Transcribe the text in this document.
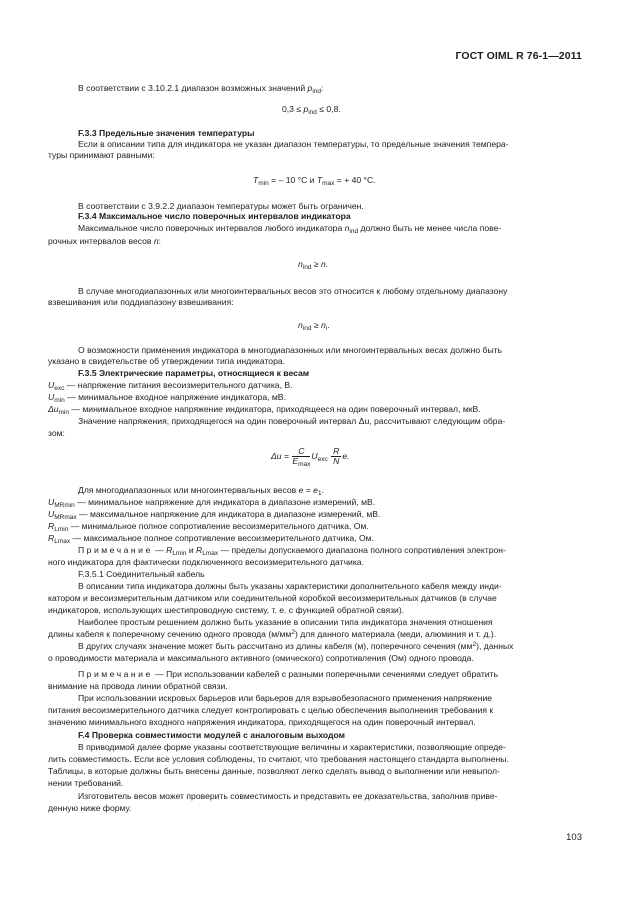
ГОСТ OIML R 76-1—2011
В соответствии с 3.10.2.1 диапазон возможных значений $p_{ind}$:
$0,3 \le p_{ind} \le 0,8$.
F.3.3 Предельные значения температуры
Если в описании типа для индикатора не указан диапазон температуры, то предельные значения темпера-
туры принимают равными:
$T_{min}$ = – 10 °C и $T_{max}$ = + 40 °C.
В соответствии с 3.9.2.2 диапазон температуры может быть ограничен.
F.3.4 Максимальное число поверочных интервалов индикатора
Максимальное число поверочных интервалов любого индикатора $n_{ind}$ должно быть не менее числа пове-
рочных интервалов весов n:
$n_{ind} \ge n$.
В случае многодиапазонных или многоинтервальных весов это относится к любому отдельному диапазону
взвешивания или поддиапазону взвешивания:
$n_{ind} \ge n_i$.
О возможности применения индикатора в многодиапазонных или многоинтервальных весах должно быть
указано в свидетельстве об утверждении типа индикатора.
F.3.5 Электрические параметры, относящиеся к весам
$U_{exc}$ — напряжение питания весоизмерительного датчика, В.
$U_{min}$ — минимальное входное напряжение индикатора, мВ.
$\Delta u_{min}$ — минимальное входное напряжение индикатора, приходящееся на один поверочный интервал, мкВ.
Значение напряжения, приходящегося на один поверочный интервал Δu, рассчитывают следующим обра-
зом:
$\Delta u = \frac{C}{E_{max}} U_{exc} \frac{R}{N} e$.
Для многодиапазонных или многоинтервальных весов $e = e_1$.
$U_{MRmin}$ — минимальное напряжение для индикатора в диапазоне измерений, мВ.
$U_{MRmax}$ — максимальное напряжение для индикатора в диапазоне измерений, мВ.
$R_{Lmin}$ — минимальное полное сопротивление весоизмерительного датчика, Ом.
$R_{Lmax}$ — максимальное полное сопротивление весоизмерительного датчика, Ом.
Примечание — $R_{Lmin}$ и $R_{Lmax}$ — пределы допускаемого диапазона полного сопротивления электрон-
ного индикатора для фактически подключенного весоизмерительного датчика.
F.3.5.1 Соединительный кабель
В описании типа индикатора должны быть указаны характеристики дополнительного кабеля между инди-
катором и весоизмерительным датчиком или соединительной коробкой весоизмерительных датчиков (в случае
индикаторов, использующих шестипроводную систему, т. е. с функцией обратной связи).
Наиболее простым решением должно быть указание в описании типа индикатора значения отношения
длины кабеля к поперечному сечению одного провода $(м/мм^2)$ для данного материала (меди, алюминия и т. д.).
В других случаях значение может быть рассчитано из длины кабеля (м), поперечного сечения $(мм^2)$, данных
о проводимости материала и максимального активного (омического) сопротивления (Ом) одного провода.
Примечание — При использовании кабелей с разными поперечными сечениями следует обратить
внимание на провода линии обратной связи.
При использовании искровых барьеров или барьеров для взрывобезопасного применения напряжение
питания весоизмерительного датчика следует контролировать с целью обеспечения выполнения требования к
значению минимального входного напряжения индикатора, приходящегося на один поверочный интервал.
F.4 Проверка совместимости модулей с аналоговым выходом
В приводимой далее форме указаны соответствующие величины и характеристики, позволяющие опреде-
лить совместимость. Если все условия соблюдены, то считают, что требования настоящего стандарта выполнены.
Таблицы, в которые должны быть внесены данные, позволяют легко сделать вывод о выполнении или невыпол-
нении требований.
Изготовитель весов может проверить совместимость и представить ее доказательства, заполнив приве-
денную ниже форму.
103
